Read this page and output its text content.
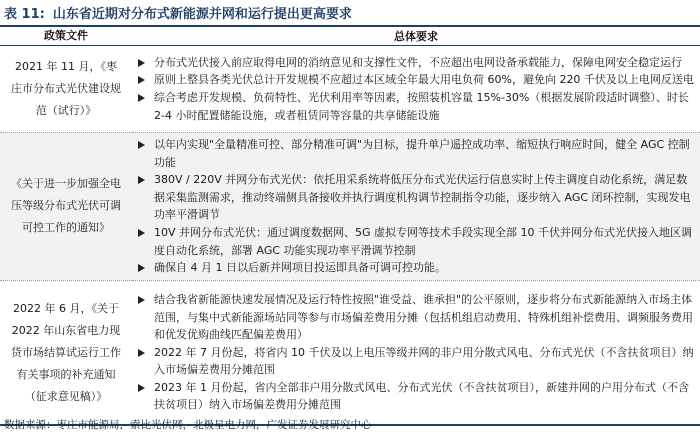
表 11: 山东省近期对分布式新能源并网和运行提出更高要求
政策文件	总体要求

2021 年 11 月，《枣庄市分布式光伏建设规范（试行）》	分布式光伏接入前应取得电网的消纳意见和支撑性文件，不应超出电网设备承载能力，保障电网安全稳定运行
原则上整县各类光伏总计开发规模不应超过本区域全年最大用电负荷 60%，避免向 220 千伏及以上电网反送电
综合考虑开发规模、负荷特性、光伏利用率等因素，按照装机容量 15%-30%（根据发展阶段适时调整）、时长 2-4 小时配置储能设施，或者租赁同等容量的共享储能设施

《关于进一步加强全电压等级分布式光伏可调可控工作的通知》	以年内实现"全量精准可控、部分精准可调"为目标，提升单户遥控成功率、缩短执行响应时间，健全 AGC 控制功能
380V / 220V 并网分布式光伏：依托用采系统将低压分布式光伏运行信息实时上传主调度自动化系统，满足数据采集监测需求，推动终端侧具备接收并执行调度机构调节控制指令功能，逐步纳入 AGC 闭环控制，实现发电功率平滑调节
10V 并网分布式光伏：通过调度数据网、5G 虚拟专网等技术手段实现全部 10 千伏并网分布式光伏接入地区调度自动化系统，部署 AGC 功能实现功率平滑调节控制
确保自 4 月 1 日以后新并网项目投运即具备可调可控功能。

2022 年 6 月，《关于 2022 年山东省电力现货市场结算试运行工作有关事项的补充通知（征求意见稿）》	结合我省新能源快速发展情况及运行特性按照"谁受益、谁承担"的公平原则，逐步将分布式新能源纳入市场主体范围，与集中式新能源场站同等参与市场偏差费用分摊（包括机组启动费用、特殊机组补偿费用、调频服务费用和优发优购曲线匹配偏差费用）
2022 年 7 月份起，将省内 10 千伏及以上电压等级并网的非户用分散式风电、分布式光伏（不含扶贫项目）纳入市场偏差费用分摊范围
2023 年 1 月份起，省内全部非户用分散式风电、分布式光伏（不含扶贫项目），新建并网的户用分布式（不含扶贫项目）纳入市场偏差费用分摊范围
数据来源：枣庄市能源局，索比光伏网，北极星电力网，广发证券发展研究中心
